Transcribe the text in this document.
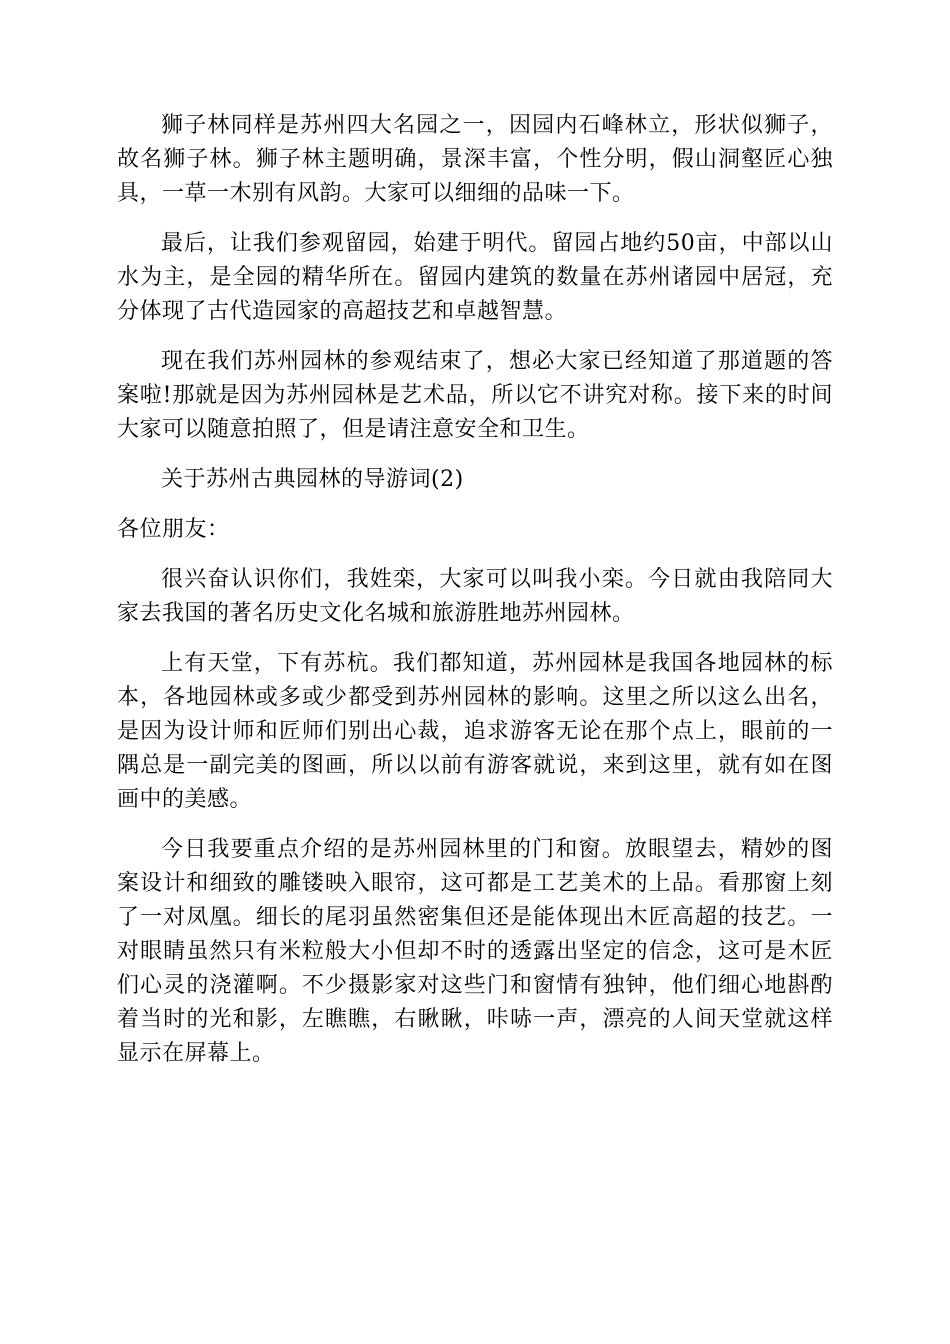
狮子林同样是苏州四大名园之一，因园内石峰林立，形状似狮子，故名狮子林。狮子林主题明确，景深丰富，个性分明，假山洞壑匠心独具，一草一木别有风韵。大家可以细细的品味一下。

最后，让我们参观留园，始建于明代。留园占地约50亩，中部以山水为主，是全园的精华所在。留园内建筑的数量在苏州诸园中居冠，充分体现了古代造园家的高超技艺和卓越智慧。

现在我们苏州园林的参观结束了，想必大家已经知道了那道题的答案啦!那就是因为苏州园林是艺术品，所以它不讲究对称。接下来的时间大家可以随意拍照了，但是请注意安全和卫生。

关于苏州古典园林的导游词(2)

各位朋友：

很兴奋认识你们，我姓栾，大家可以叫我小栾。今日就由我陪同大家去我国的著名历史文化名城和旅游胜地苏州园林。

上有天堂，下有苏杭。我们都知道，苏州园林是我国各地园林的标本，各地园林或多或少都受到苏州园林的影响。这里之所以这么出名，是因为设计师和匠师们别出心裁，追求游客无论在那个点上，眼前的一隅总是一副完美的图画，所以以前有游客就说，来到这里，就有如在图画中的美感。

今日我要重点介绍的是苏州园林里的门和窗。放眼望去，精妙的图案设计和细致的雕镂映入眼帘，这可都是工艺美术的上品。看那窗上刻了一对凤凰。细长的尾羽虽然密集但还是能体现出木匠高超的技艺。一对眼睛虽然只有米粒般大小但却不时的透露出坚定的信念，这可是木匠们心灵的浇灌啊。不少摄影家对这些门和窗情有独钟，他们细心地斟酌着当时的光和影，左瞧瞧，右瞅瞅，咔哧一声，漂亮的人间天堂就这样显示在屏幕上。
